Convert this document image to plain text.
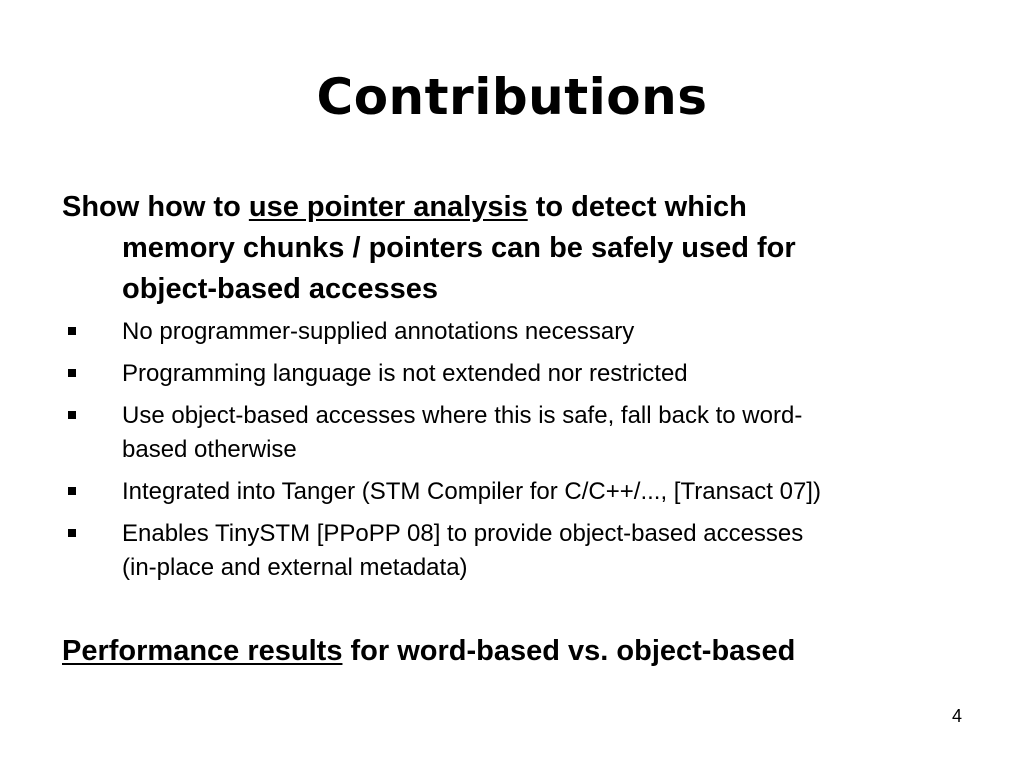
Contributions
Show how to use pointer analysis to detect which
memory chunks / pointers can be safely used for
object-based accesses
No programmer-supplied annotations necessary
Programming language is not extended nor restricted
Use object-based accesses where this is safe, fall back to word-
based otherwise
Integrated into Tanger (STM Compiler for C/C++/..., [Transact 07])
Enables TinySTM [PPoPP 08] to provide object-based accesses
(in-place and external metadata)
Performance results for word-based vs. object-based
4
